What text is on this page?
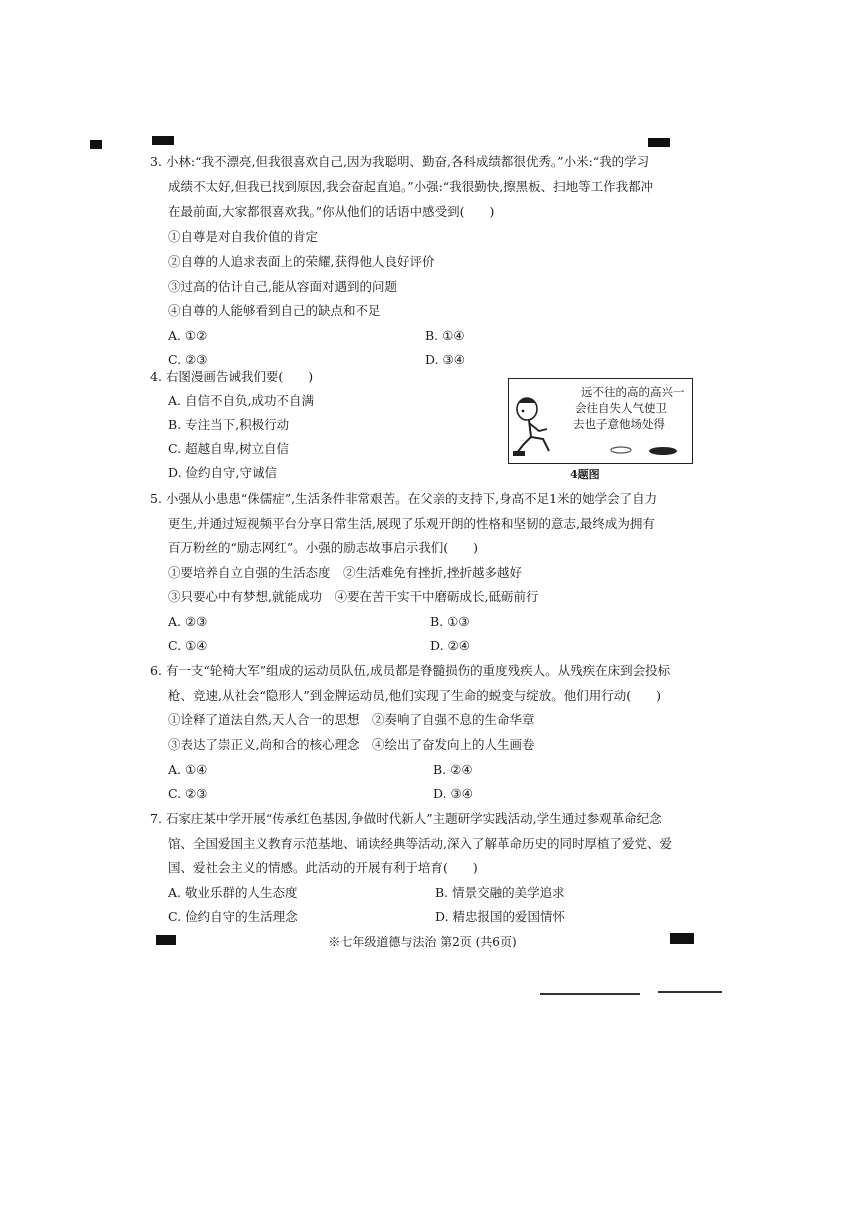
3. 小林:“我不漂亮,但我很喜欢自己,因为我聪明、勤奋,各科成绩都很优秀。”小米:“我的学习
成绩不太好,但我已找到原因,我会奋起直追。”小强:“我很勤快,擦黑板、扫地等工作我都冲
在最前面,大家都很喜欢我。”你从他们的话语中感受到(　　)
①自尊是对自我价值的肯定
②自尊的人追求表面上的荣耀,获得他人良好评价
③过高的估计自己,能从容面对遇到的问题
④自尊的人能够看到自己的缺点和不足
A. ①②	B. ①④
C. ②③	D. ③④
4. 右图漫画告诫我们要(　　)
A. 自信不自负,成功不自满
B. 专注当下,积极行动
C. 超越自卑,树立自信
D. 俭约自守,守诚信
远不往的高的高兴一
会往自失人气使卫
去也子意他场处得
4题图
5. 小强从小患患“侏儒症”,生活条件非常艰苦。在父亲的支持下,身高不足1米的她学会了自力
更生,并通过短视频平台分享日常生活,展现了乐观开朗的性格和坚韧的意志,最终成为拥有
百万粉丝的“励志网红”。小强的励志故事启示我们(　　)
①要培养自立自强的生活态度　②生活难免有挫折,挫折越多越好
③只要心中有梦想,就能成功　④要在苦干实干中磨砺成长,砥砺前行
A. ②③	B. ①③
C. ①④	D. ②④
6. 有一支“轮椅大军”组成的运动员队伍,成员都是脊髓损伤的重度残疾人。从残疾在床到会投标
枪、竞速,从社会“隐形人”到金牌运动员,他们实现了生命的蜕变与绽放。他们用行动(　　)
①诠释了道法自然,天人合一的思想　②奏响了自强不息的生命华章
③表达了崇正义,尚和合的核心理念　④绘出了奋发向上的人生画卷
A. ①④	B. ②④
C. ②③	D. ③④
7. 石家庄某中学开展“传承红色基因,争做时代新人”主题研学实践活动,学生通过参观革命纪念
馆、全国爱国主义教育示范基地、诵读经典等活动,深入了解革命历史的同时厚植了爱党、爱
国、爱社会主义的情感。此活动的开展有利于培育(　　)
A. 敬业乐群的人生态度	B. 情景交融的美学追求
C. 俭约自守的生活理念	D. 精忠报国的爱国情怀
※七年级道德与法治 第2页 (共6页)
